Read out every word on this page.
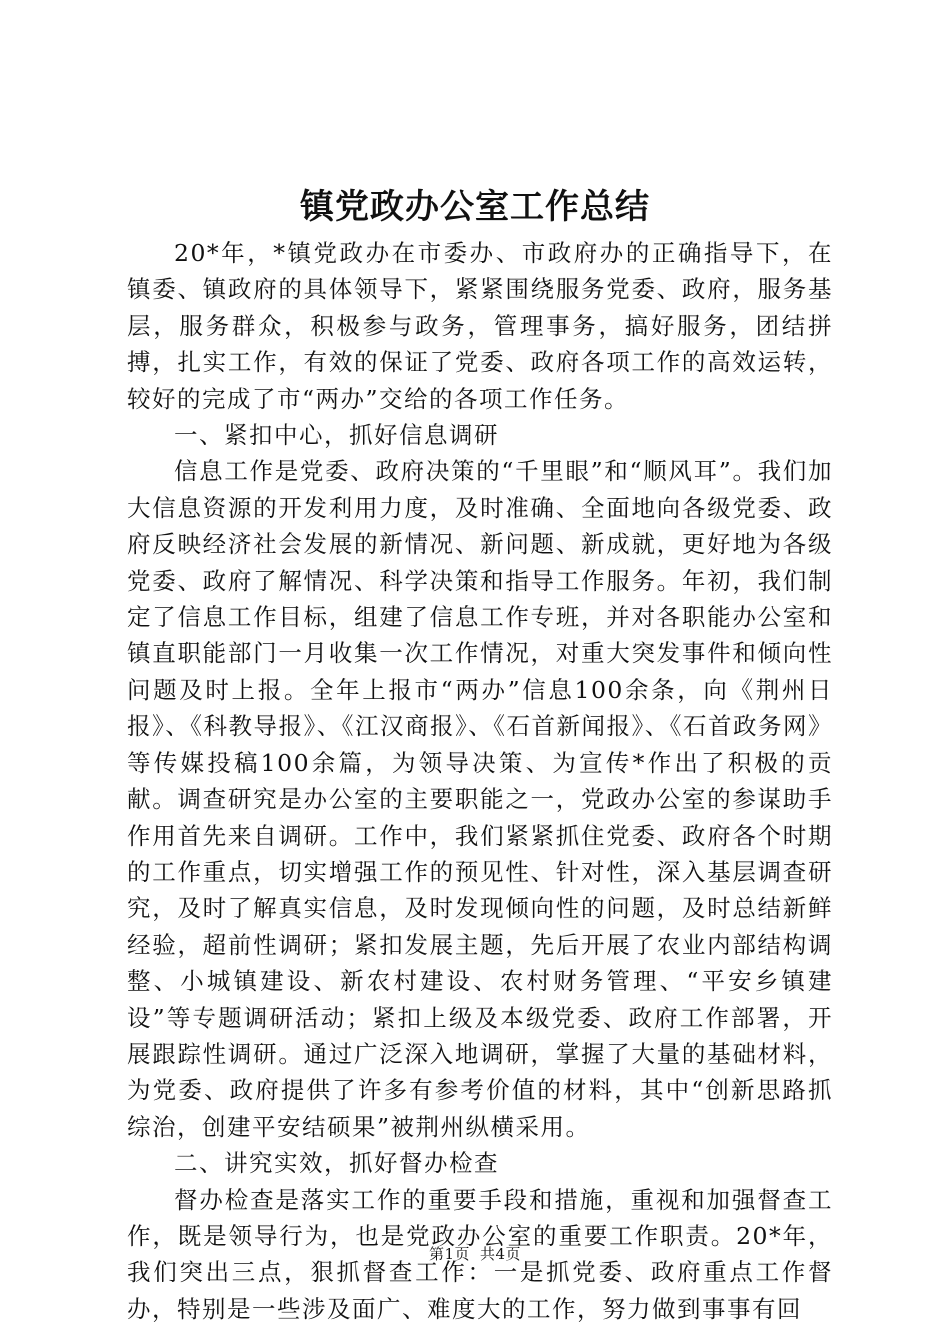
镇党政办公室工作总结

20*年，*镇党政办在市委办、市政府办的正确指导下，在镇委、镇政府的具体领导下，紧紧围绕服务党委、政府，服务基层，服务群众，积极参与政务，管理事务，搞好服务，团结拼搏，扎实工作，有效的保证了党委、政府各项工作的高效运转，较好的完成了市“两办”交给的各项工作任务。

一、紧扣中心，抓好信息调研

信息工作是党委、政府决策的“千里眼”和“顺风耳”。我们加大信息资源的开发利用力度，及时准确、全面地向各级党委、政府反映经济社会发展的新情况、新问题、新成就，更好地为各级党委、政府了解情况、科学决策和指导工作服务。年初，我们制定了信息工作目标，组建了信息工作专班，并对各职能办公室和镇直职能部门一月收集一次工作情况，对重大突发事件和倾向性问题及时上报。全年上报市“两办”信息100余条，向《荆州日报》、《科教导报》、《江汉商报》、《石首新闻报》、《石首政务网》等传媒投稿100余篇，为领导决策、为宣传*作出了积极的贡献。调查研究是办公室的主要职能之一，党政办公室的参谋助手作用首先来自调研。工作中，我们紧紧抓住党委、政府各个时期的工作重点，切实增强工作的预见性、针对性，深入基层调查研究，及时了解真实信息，及时发现倾向性的问题，及时总结新鲜经验，超前性调研；紧扣发展主题，先后开展了农业内部结构调整、小城镇建设、新农村建设、农村财务管理、“平安乡镇建设”等专题调研活动；紧扣上级及本级党委、政府工作部署，开展跟踪性调研。通过广泛深入地调研，掌握了大量的基础材料，为党委、政府提供了许多有参考价值的材料，其中“创新思路抓综治，创建平安结硕果”被荆州纵横采用。

二、讲究实效，抓好督办检查

督办检查是落实工作的重要手段和措施，重视和加强督查工作，既是领导行为，也是党政办公室的重要工作职责。20*年，我们突出三点，狠抓督查工作：一是抓党委、政府重点工作督办，特别是一些涉及面广、难度大的工作，努力做到事事有回

第1页 共4页
